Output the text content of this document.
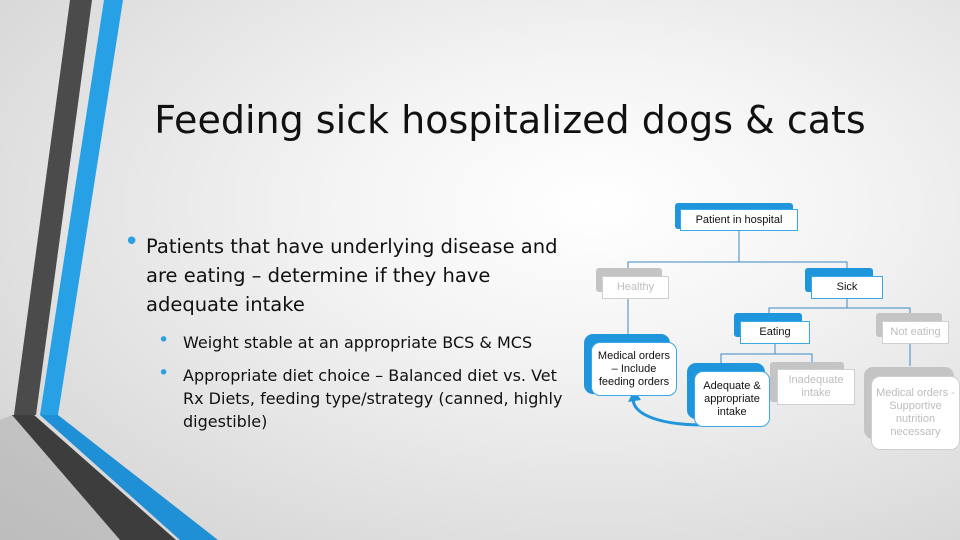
Feeding sick hospitalized dogs & cats
• Patients that have underlying disease and are eating – determine if they have adequate intake
• Weight stable at an appropriate BCS & MCS
• Appropriate diet choice – Balanced diet vs. Vet Rx Diets, feeding type/strategy (canned, highly digestible)
Patient in hospital
Healthy	Sick
Eating	Not eating
Medical orders – Include feeding orders	Adequate & appropriate intake
Inadequate intake	Medical orders - Supportive nutrition necessary
